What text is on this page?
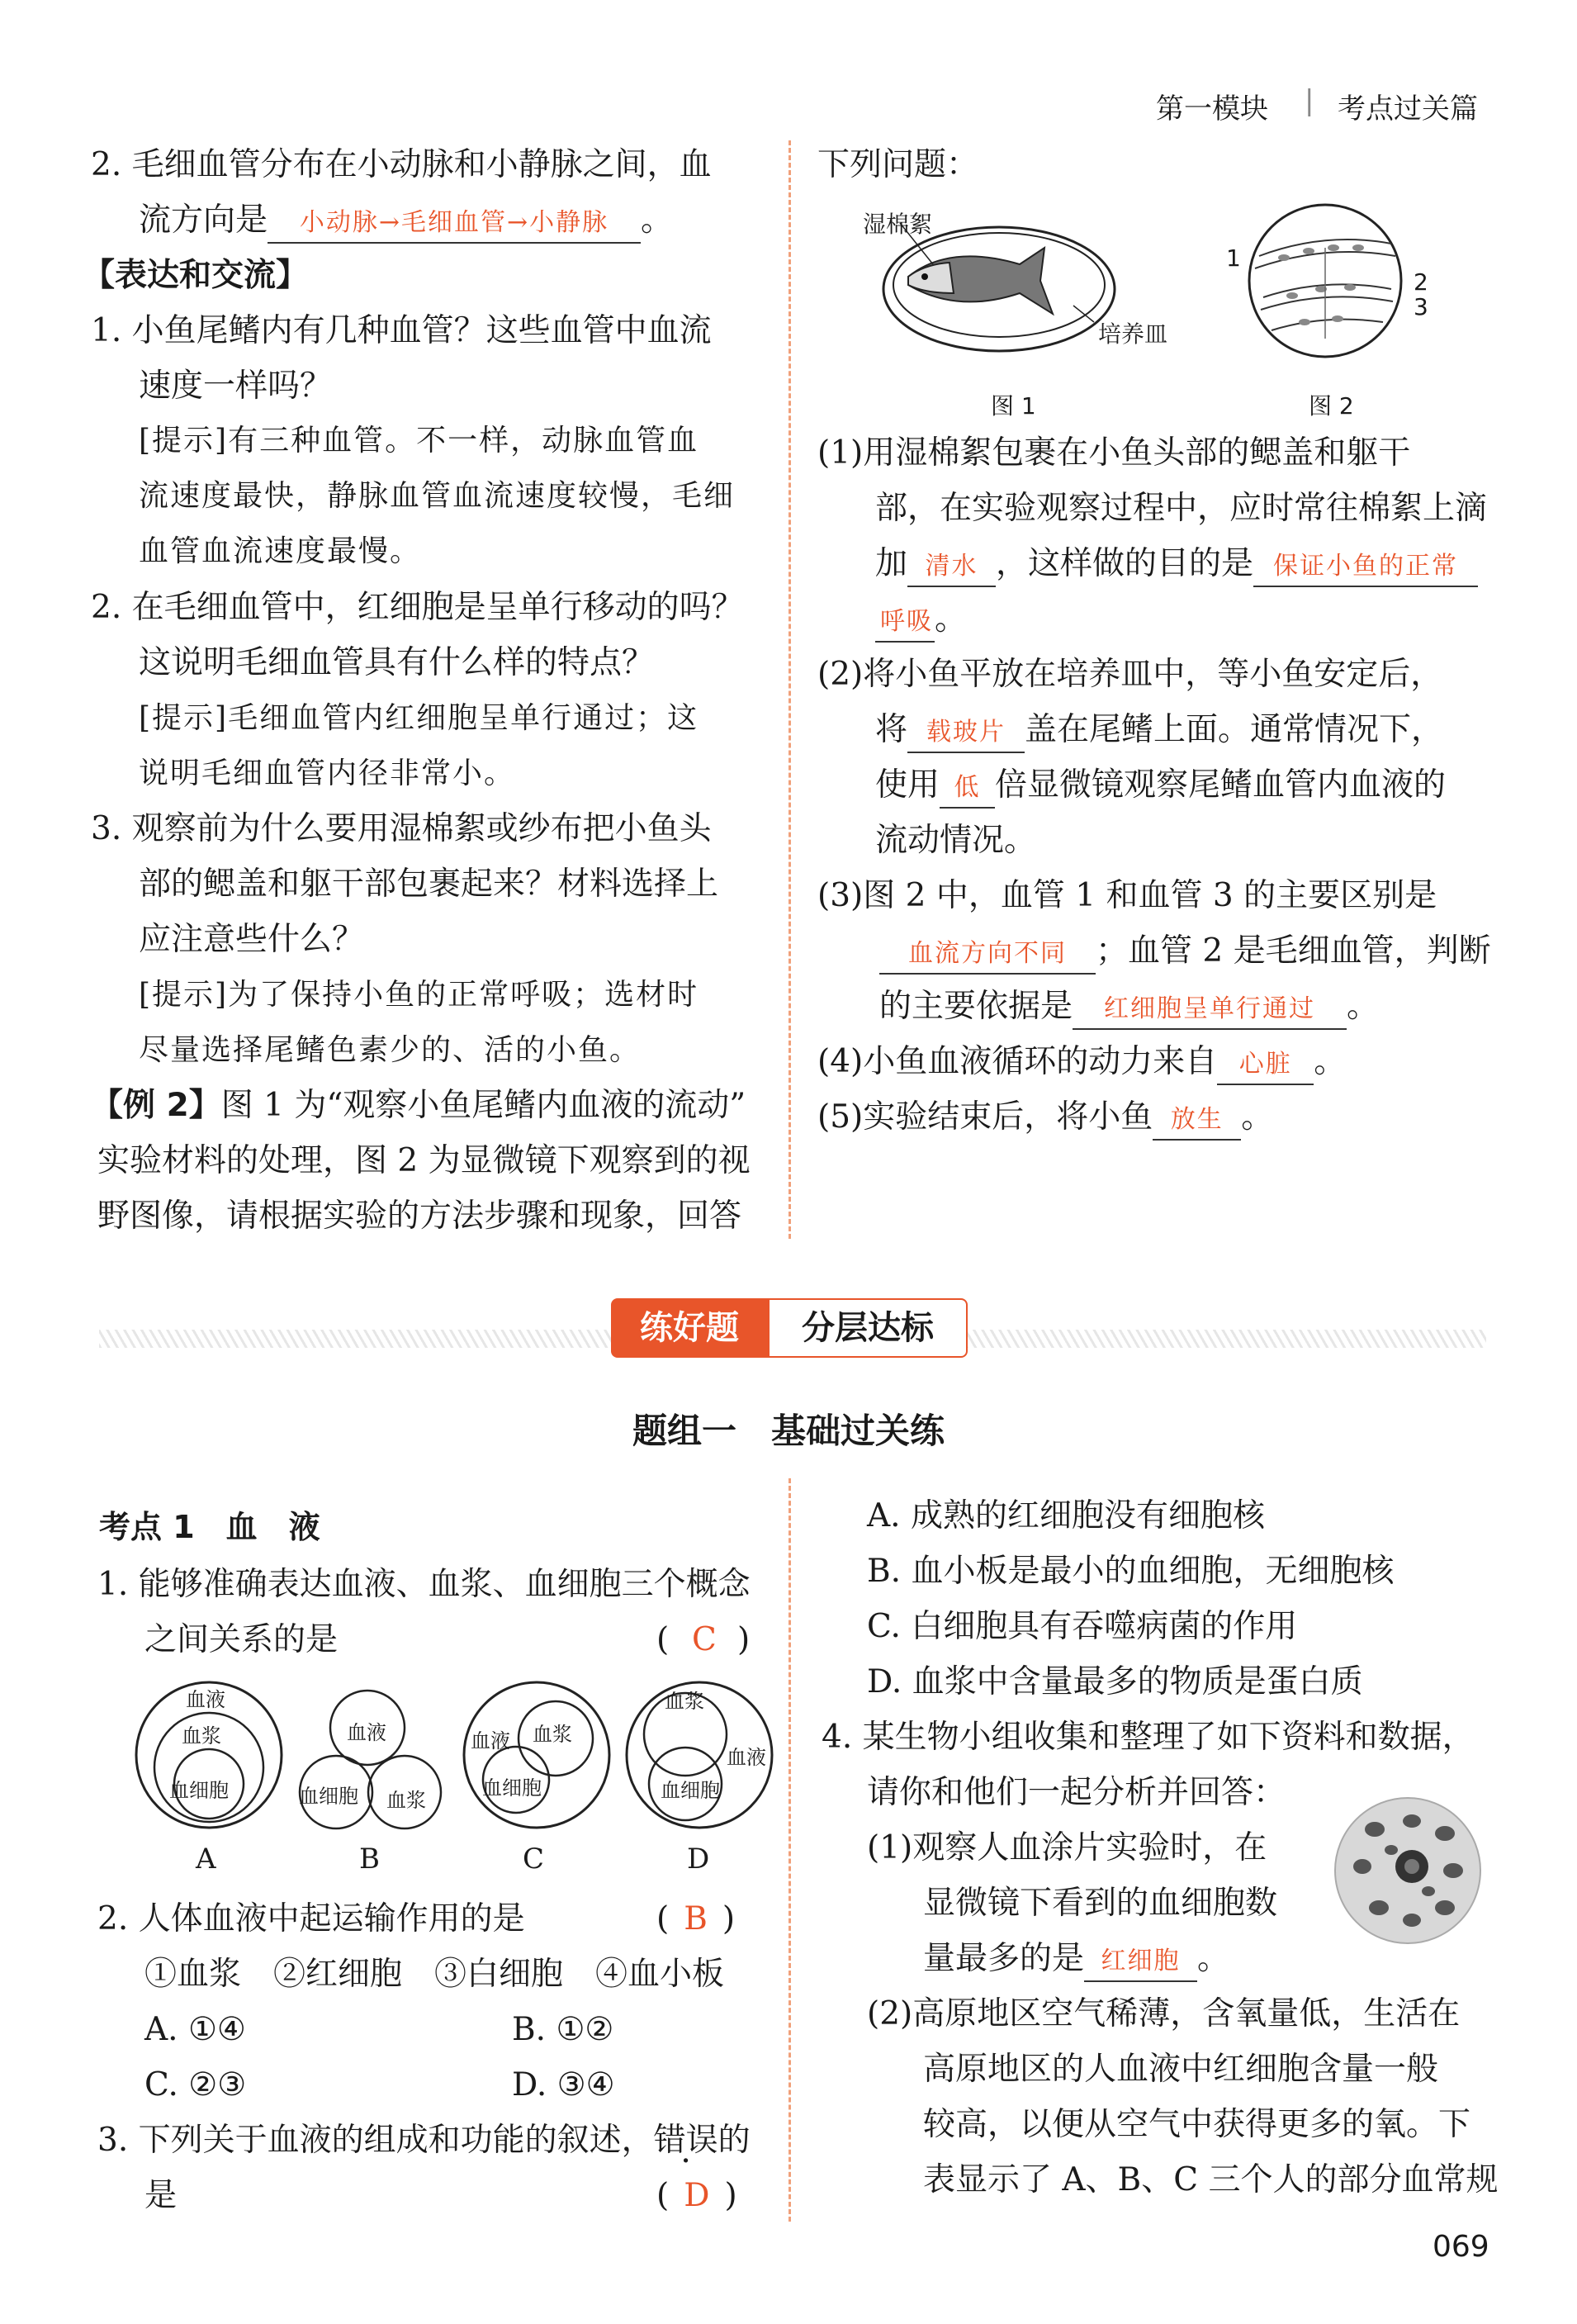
第一模块 | 考点过关篇
2. 毛细血管分布在小动脉和小静脉之间，血
流方向是 小动脉→毛细血管→小静脉 。
【表达和交流】
1. 小鱼尾鳍内有几种血管？这些血管中血流
速度一样吗？
[提示]有三种血管。不一样，动脉血管血
流速度最快，静脉血管血流速度较慢，毛细
血管血流速度最慢。
2. 在毛细血管中，红细胞是呈单行移动的吗？
这说明毛细血管具有什么样的特点？
[提示]毛细血管内红细胞呈单行通过；这
说明毛细血管内径非常小。
3. 观察前为什么要用湿棉絮或纱布把小鱼头
部的鳃盖和躯干部包裹起来？材料选择上
应注意些什么？
[提示]为了保持小鱼的正常呼吸；选材时
尽量选择尾鳍色素少的、活的小鱼。
【例 2】图 1 为“观察小鱼尾鳍内血液的流动”
实验材料的处理，图 2 为显微镜下观察到的视
野图像，请根据实验的方法步骤和现象，回答
下列问题：
湿棉絮
培养皿
图 1
1
2
3
图 2
(1)用湿棉絮包裹在小鱼头部的鳃盖和躯干
部，在实验观察过程中，应时常往棉絮上滴
加 清水 ，这样做的目的是 保证小鱼的正常
呼吸。
(2)将小鱼平放在培养皿中，等小鱼安定后，
将 载玻片 盖在尾鳍上面。通常情况下，
使用 低 倍显微镜观察尾鳍血管内血液的
流动情况。
(3)图 2 中，血管 1 和血管 3 的主要区别是
血流方向不同 ；血管 2 是毛细血管，判断
的主要依据是 红细胞呈单行通过 。
(4)小鱼血液循环的动力来自 心脏 。
(5)实验结束后，将小鱼 放生 。
练好题	分层达标
题组一　基础过关练
考点 1　血　液
1. 能够准确表达血液、血浆、血细胞三个概念
之间关系的是	( C )
血液
血浆
血细胞
A
血液
血细胞 血浆
B
血液 血浆
血细胞
C
血浆
血液
血细胞
D
2. 人体血液中起运输作用的是	( B )
①血浆　②红细胞　③白细胞　④血小板
A. ①④	B. ①②
C. ②③	D. ③④
3. 下列关于血液的组成和功能的叙述，错误的
是	( D )
A. 成熟的红细胞没有细胞核
B. 血小板是最小的血细胞，无细胞核
C. 白细胞具有吞噬病菌的作用
D. 血浆中含量最多的物质是蛋白质
4. 某生物小组收集和整理了如下资料和数据，
请你和他们一起分析并回答：
(1)观察人血涂片实验时，在
显微镜下看到的血细胞数
量最多的是 红细胞 。
(2)高原地区空气稀薄，含氧量低，生活在
高原地区的人血液中红细胞含量一般
较高，以便从空气中获得更多的氧。下
表显示了 A、B、C 三个人的部分血常规
069
